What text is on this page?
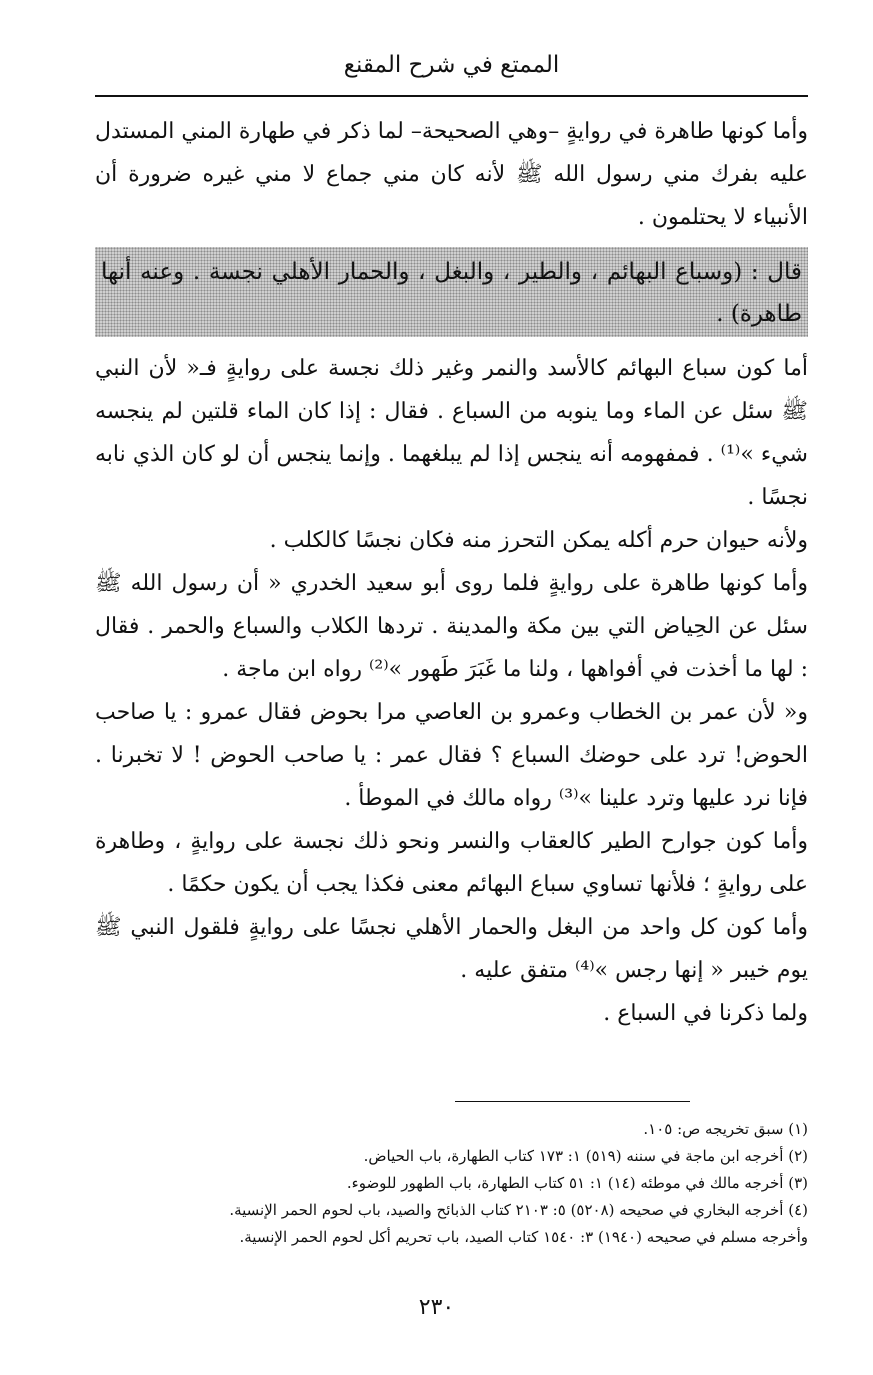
الممتع في شرح المقنع

وأما كونها طاهرة في روايةٍ –وهي الصحيحة– لما ذكر في طهارة المني المستدل عليه بفرك مني رسول الله ﷺ لأنه كان مني جماع لا مني غيره ضرورة أن الأنبياء لا يحتلمون .

قال : (وسباع البهائم ، والطير ، والبغل ، والحمار الأهلي نجسة . وعنه أنها طاهرة) .

أما كون سباع البهائم كالأسد والنمر وغير ذلك نجسة على روايةٍ فـ« لأن النبي ﷺ سئل عن الماء وما ينوبه من السباع . فقال : إذا كان الماء قلتين لم ينجسه شيء »⁽¹⁾ . فمفهومه أنه ينجس إذا لم يبلغهما . وإنما ينجس أن لو كان الذي نابه نجسًا .

ولأنه حيوان حرم أكله يمكن التحرز منه فكان نجسًا كالكلب .

وأما كونها طاهرة على روايةٍ فلما روى أبو سعيد الخدري « أن رسول الله ﷺ سئل عن الحِياض التي بين مكة والمدينة . تردها الكلاب والسباع والحمر . فقال : لها ما أخذت في أفواهها ، ولنا ما غَبَرَ طَهور »⁽²⁾ رواه ابن ماجة .

و« لأن عمر بن الخطاب وعمرو بن العاصي مرا بحوض فقال عمرو : يا صاحب الحوض! ترد على حوضك السباع ؟ فقال عمر : يا صاحب الحوض ! لا تخبرنا . فإنا نرد عليها وترد علينا »⁽³⁾ رواه مالك في الموطأ .

وأما كون جوارح الطير كالعقاب والنسر ونحو ذلك نجسة على روايةٍ ، وطاهرة على روايةٍ ؛ فلأنها تساوي سباع البهائم معنى فكذا يجب أن يكون حكمًا .

وأما كون كل واحد من البغل والحمار الأهلي نجسًا على روايةٍ فلقول النبي ﷺ يوم خيبر « إنها رجس »⁽⁴⁾ متفق عليه .

ولما ذكرنا في السباع .

(١) سبق تخريجه ص: ١٠٥.

(٢) أخرجه ابن ماجة في سننه (٥١٩) ١: ١٧٣ كتاب الطهارة، باب الحياض.

(٣) أخرجه مالك في موطئه (١٤) ١: ٥١ كتاب الطهارة، باب الطهور للوضوء.

(٤) أخرجه البخاري في صحيحه (٥٢٠٨) ٥: ٢١٠٣ كتاب الذبائح والصيد، باب لحوم الحمر الإنسية.

وأخرجه مسلم في صحيحه (١٩٤٠) ٣: ١٥٤٠ كتاب الصيد، باب تحريم أكل لحوم الحمر الإنسية.

٢٣٠
